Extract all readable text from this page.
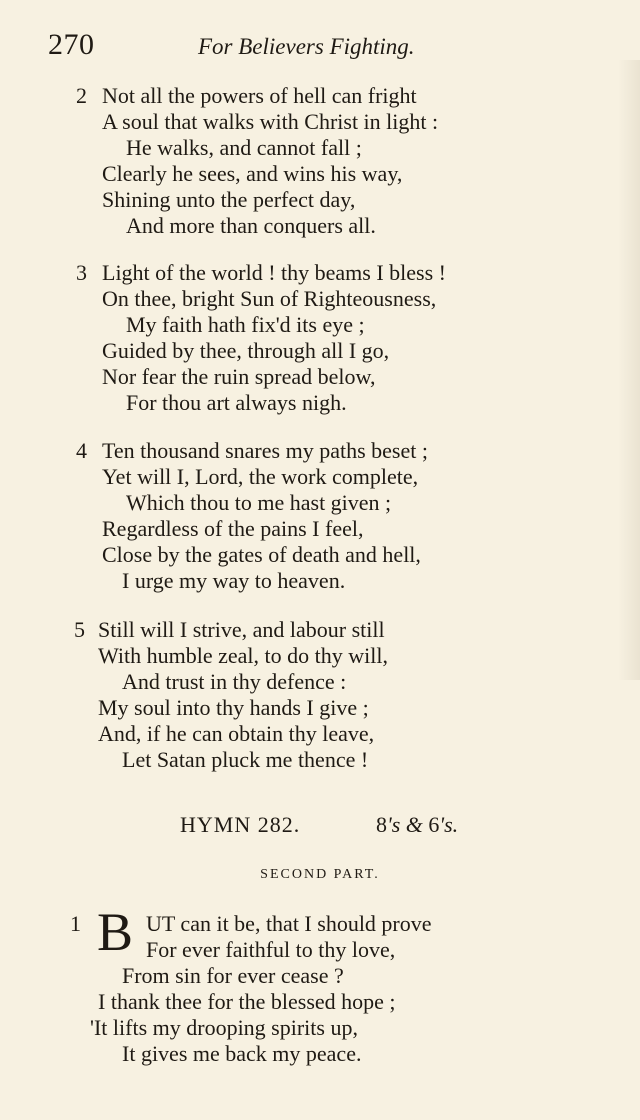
270	For Believers Fighting.
2 Not all the powers of hell can fright
A soul that walks with Christ in light :
He walks, and cannot fall ;
Clearly he sees, and wins his way,
Shining unto the perfect day,
And more than conquers all.
3 Light of the world ! thy beams I bless !
On thee, bright Sun of Righteousness,
My faith hath fix'd its eye ;
Guided by thee, through all I go,
Nor fear the ruin spread below,
For thou art always nigh.
4 Ten thousand snares my paths beset ;
Yet will I, Lord, the work complete,
Which thou to me hast given ;
Regardless of the pains I feel,
Close by the gates of death and hell,
I urge my way to heaven.
5 Still will I strive, and labour still
With humble zeal, to do thy will,
And trust in thy defence :
My soul into thy hands I give ;
And, if he can obtain thy leave,
Let Satan pluck me thence !
HYMN 282.	8's & 6's.
SECOND PART.
1 B UT can it be, that I should prove
For ever faithful to thy love,
From sin for ever cease ?
I thank thee for the blessed hope ;
'It lifts my drooping spirits up,
It gives me back my peace.
